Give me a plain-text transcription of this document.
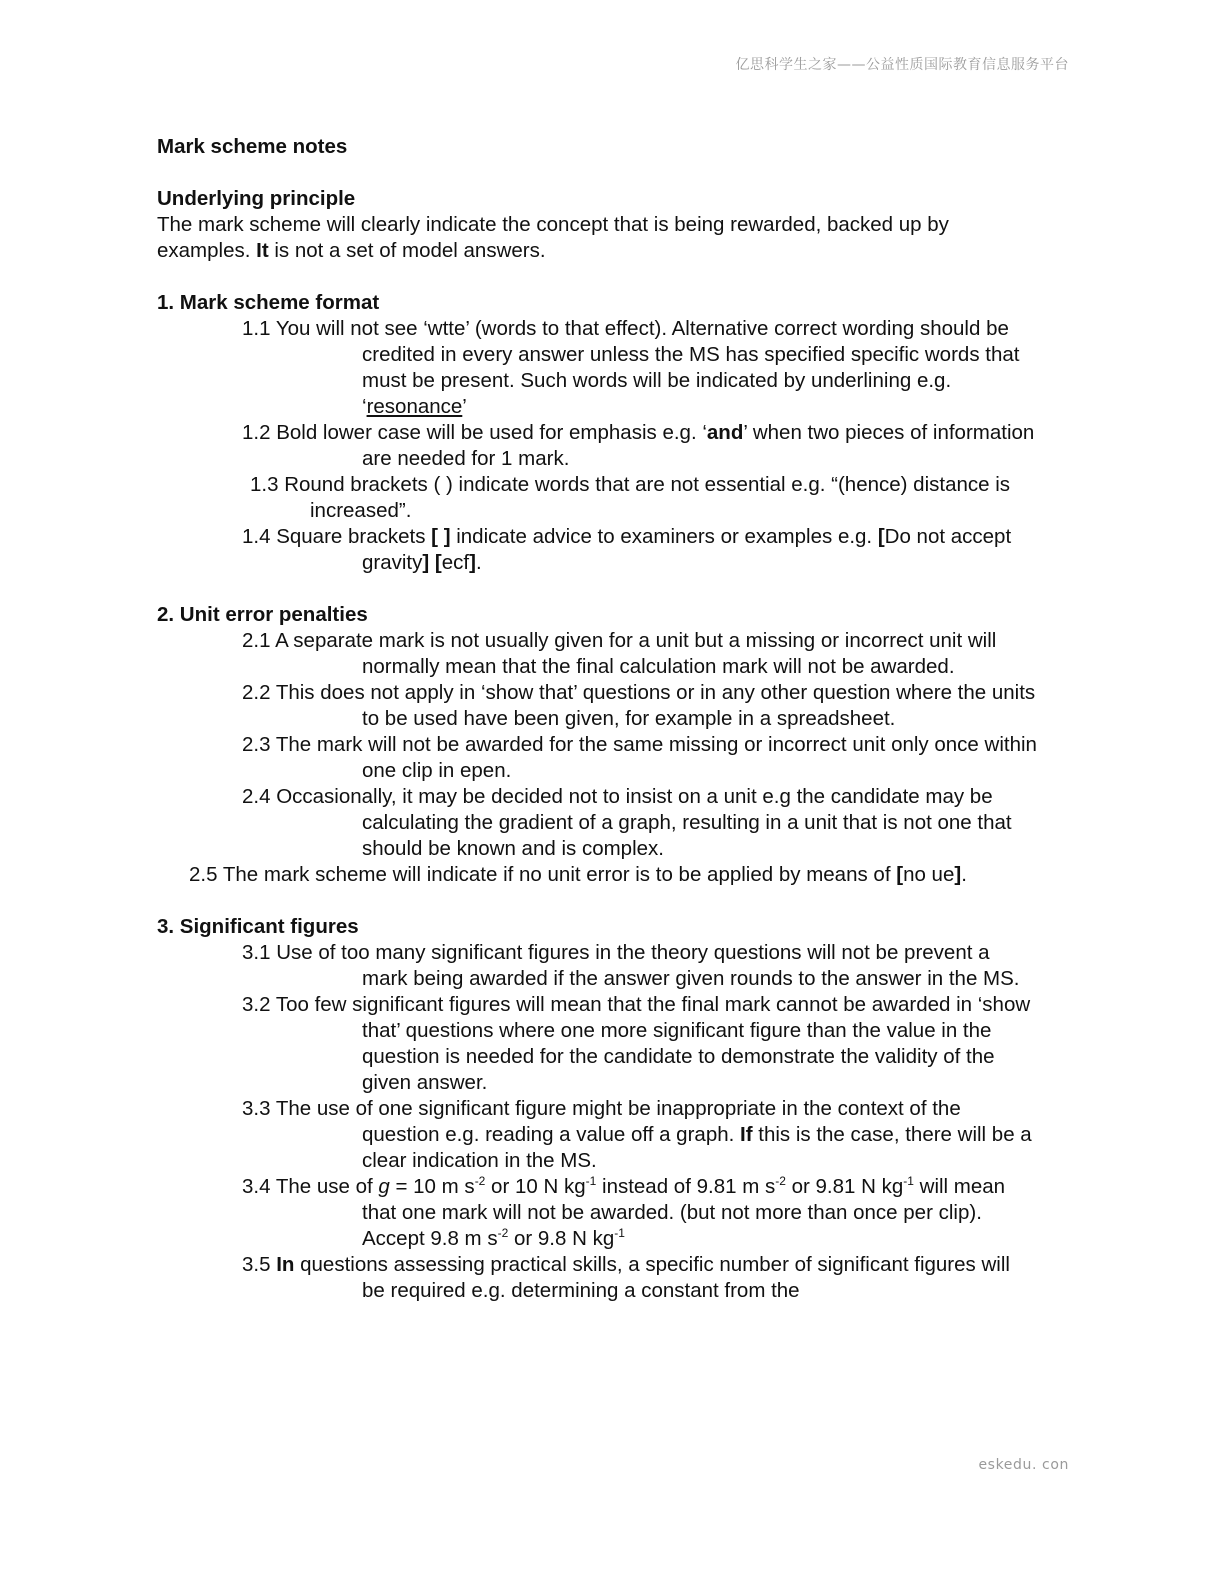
亿思科学生之家——公益性质国际教育信息服务平台
Mark scheme notes
Underlying principle

The mark scheme will clearly indicate the concept that is being rewarded, backed up by examples. It is not a set of model answers.

1. Mark scheme format

1.1 You will not see ‘wtte’ (words to that effect). Alternative correct wording should be credited in every answer unless the MS has specified specific words that must be present. Such words will be indicated by underlining e.g. ‘resonance’

1.2 Bold lower case will be used for emphasis e.g. ‘and’ when two pieces of information are needed for 1 mark.

1.3 Round brackets ( ) indicate words that are not essential e.g. “(hence) distance is increased”.

1.4 Square brackets [ ] indicate advice to examiners or examples e.g. [Do not accept gravity] [ecf].

2. Unit error penalties

2.1 A separate mark is not usually given for a unit but a missing or incorrect unit will normally mean that the final calculation mark will not be awarded.

2.2 This does not apply in ‘show that’ questions or in any other question where the units to be used have been given, for example in a spreadsheet.

2.3 The mark will not be awarded for the same missing or incorrect unit only once within one clip in epen.

2.4 Occasionally, it may be decided not to insist on a unit e.g the candidate may be calculating the gradient of a graph, resulting in a unit that is not one that should be known and is complex.

2.5 The mark scheme will indicate if no unit error is to be applied by means of [no ue].

3. Significant figures

3.1 Use of too many significant figures in the theory questions will not be prevent a mark being awarded if the answer given rounds to the answer in the MS.

3.2 Too few significant figures will mean that the final mark cannot be awarded in ‘show that’ questions where one more significant figure than the value in the question is needed for the candidate to demonstrate the validity of the given answer.

3.3 The use of one significant figure might be inappropriate in the context of the question e.g. reading a value off a graph. If this is the case, there will be a clear indication in the MS.

3.4 The use of g = 10 m $s^{-2}$ or 10 N $kg^{-1}$ instead of 9.81 m $s^{-2}$ or 9.81 N $kg^{-1}$ will mean that one mark will not be awarded. (but not more than once per clip). Accept 9.8 m $s^{-2}$ or 9.8 N $kg^{-1}$

3.5 In questions assessing practical skills, a specific number of significant figures will be required e.g. determining a constant from the

eskedu. con
